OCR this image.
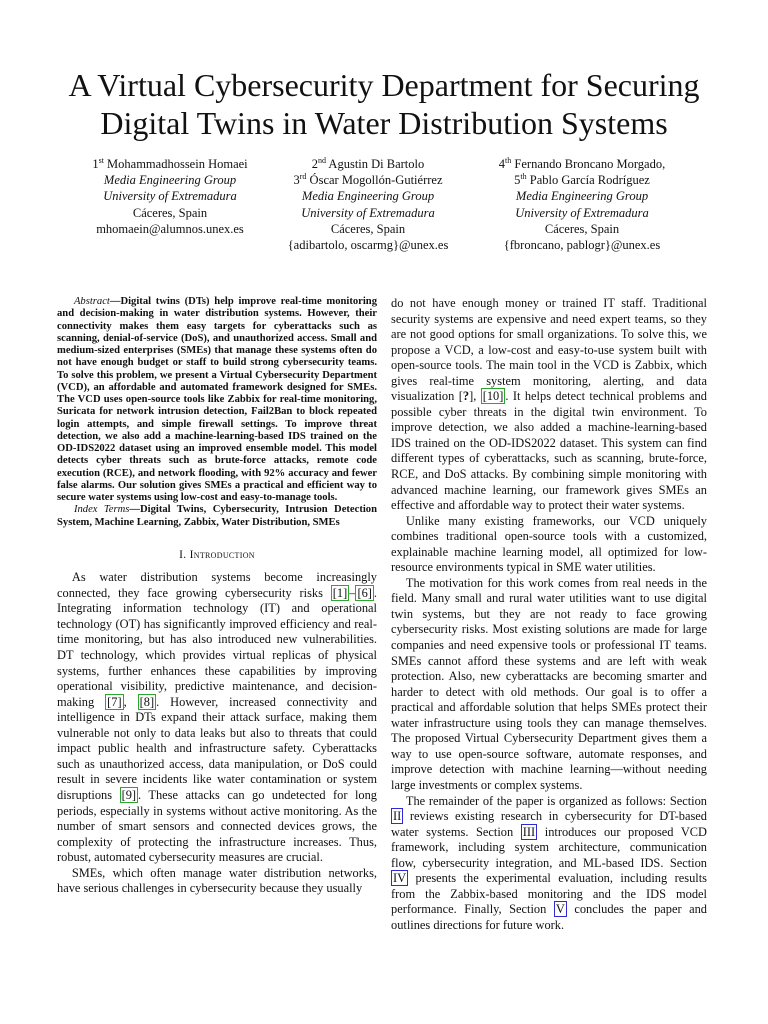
A Virtual Cybersecurity Department for Securing Digital Twins in Water Distribution Systems
1st Mohammadhossein Homaei
Media Engineering Group
University of Extremadura
Cáceres, Spain
mhomaein@alumnos.unex.es
2nd Agustin Di Bartolo
3rd Óscar Mogollón-Gutiérrez
Media Engineering Group
University of Extremadura
Cáceres, Spain
{adibartolo, oscarmg}@unex.es
4th Fernando Broncano Morgado,
5th Pablo García Rodríguez
Media Engineering Group
University of Extremadura
Cáceres, Spain
{fbroncano, pablogr}@unex.es

Abstract—Digital twins (DTs) help improve real-time monitoring and decision-making in water distribution systems. However, their connectivity makes them easy targets for cyberattacks such as scanning, denial-of-service (DoS), and unauthorized access. Small and medium-sized enterprises (SMEs) that manage these systems often do not have enough budget or staff to build strong cybersecurity teams. To solve this problem, we present a Virtual Cybersecurity Department (VCD), an affordable and automated framework designed for SMEs. The VCD uses open-source tools like Zabbix for real-time monitoring, Suricata for network intrusion detection, Fail2Ban to block repeated login attempts, and simple firewall settings. To improve threat detection, we also add a machine-learning-based IDS trained on the OD-IDS2022 dataset using an improved ensemble model. This model detects cyber threats such as brute-force attacks, remote code execution (RCE), and network flooding, with 92% accuracy and fewer false alarms. Our solution gives SMEs a practical and efficient way to secure water systems using low-cost and easy-to-manage tools.

Index Terms—Digital Twins, Cybersecurity, Intrusion Detection System, Machine Learning, Zabbix, Water Distribution, SMEs

I. Introduction

As water distribution systems become increasingly connected, they face growing cybersecurity risks [1] – [6] . Integrating information technology (IT) and operational technology (OT) has significantly improved efficiency and real-time monitoring, but has also introduced new vulnerabilities. DT technology, which provides virtual replicas of physical systems, further enhances these capabilities by improving operational visibility, predictive maintenance, and decision-making [7] , [8] . However, increased connectivity and intelligence in DTs expand their attack surface, making them vulnerable not only to data leaks but also to threats that could impact public health and infrastructure safety. Cyberattacks such as unauthorized access, data manipulation, or DoS could result in severe incidents like water contamination or system disruptions [9] . These attacks can go undetected for long periods, especially in systems without active monitoring. As the number of smart sensors and connected devices grows, the complexity of protecting the infrastructure increases. Thus, robust, automated cybersecurity measures are crucial.

SMEs, which often manage water distribution networks, have serious challenges in cybersecurity because they usually

do not have enough money or trained IT staff. Traditional security systems are expensive and need expert teams, so they are not good options for small organizations. To solve this, we propose a VCD, a low-cost and easy-to-use system built with open-source tools. The main tool in the VCD is Zabbix, which gives real-time system monitoring, alerting, and data visualization [?], [10] . It helps detect technical problems and possible cyber threats in the digital twin environment. To improve detection, we also added a machine-learning-based IDS trained on the OD-IDS2022 dataset. This system can find different types of cyberattacks, such as scanning, brute-force, RCE, and DoS attacks. By combining simple monitoring with advanced machine learning, our framework gives SMEs an effective and affordable way to protect their water systems.

Unlike many existing frameworks, our VCD uniquely combines traditional open-source tools with a customized, explainable machine learning model, all optimized for low-resource environments typical in SME water utilities.

The motivation for this work comes from real needs in the field. Many small and rural water utilities want to use digital twin systems, but they are not ready to face growing cybersecurity risks. Most existing solutions are made for large companies and need expensive tools or professional IT teams. SMEs cannot afford these systems and are left with weak protection. Also, new cyberattacks are becoming smarter and harder to detect with old methods. Our goal is to offer a practical and affordable solution that helps SMEs protect their water infrastructure using tools they can manage themselves. The proposed Virtual Cybersecurity Department gives them a way to use open-source software, automate responses, and improve detection with machine learning—without needing large investments or complex systems.

The remainder of the paper is organized as follows: Section II reviews existing research in cybersecurity for DT-based water systems. Section III introduces our proposed VCD framework, including system architecture, communication flow, cybersecurity integration, and ML-based IDS. Section IV presents the experimental evaluation, including results from the Zabbix-based monitoring and the IDS model performance. Finally, Section V concludes the paper and outlines directions for future work.
